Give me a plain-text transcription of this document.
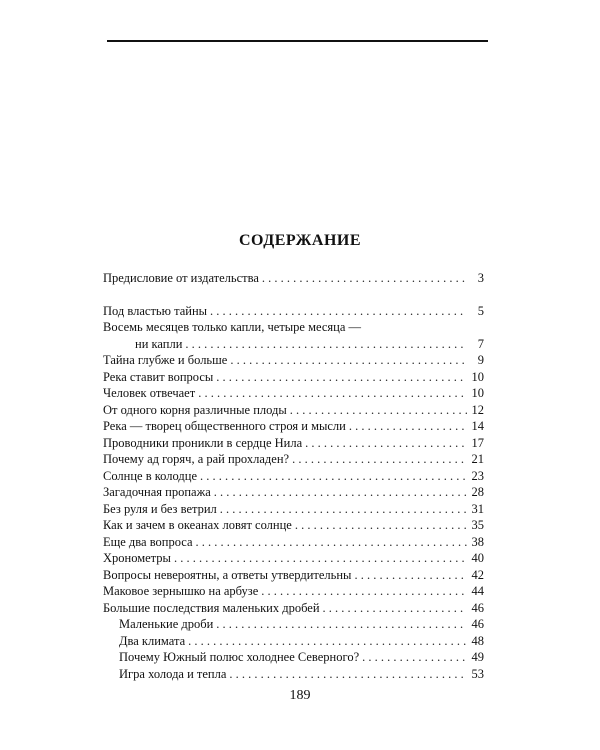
СОДЕРЖАНИЕ
Предисловие от издательства . . .	3
Под властью тайны . . .	5
Восемь месяцев только капли, четыре месяца —
ни капли . . .	7
Тайна глубже и больше . . .	9
Река ставит вопросы . . .	10
Человек отвечает . . .	10
От одного корня различные плоды . . .	12
Река — творец общественного строя и мысли . . .	14
Проводники проникли в сердце Нила . . .	17
Почему ад горяч, а рай прохладен? . . .	21
Солнце в колодце . . .	23
Загадочная пропажа . . .	28
Без руля и без ветрил . . .	31
Как и зачем в океанах ловят солнце . . .	35
Еще два вопроса . . .	38
Хронометры . . .	40
Вопросы невероятны, а ответы утвердительны . . .	42
Маковое зернышко на арбузе . . .	44
Большие последствия маленьких дробей . . .	46
Маленькие дроби . . .	46
Два климата . . .	48
Почему Южный полюс холоднее Северного? . . .	49
Игра холода и тепла . . .	53
189
